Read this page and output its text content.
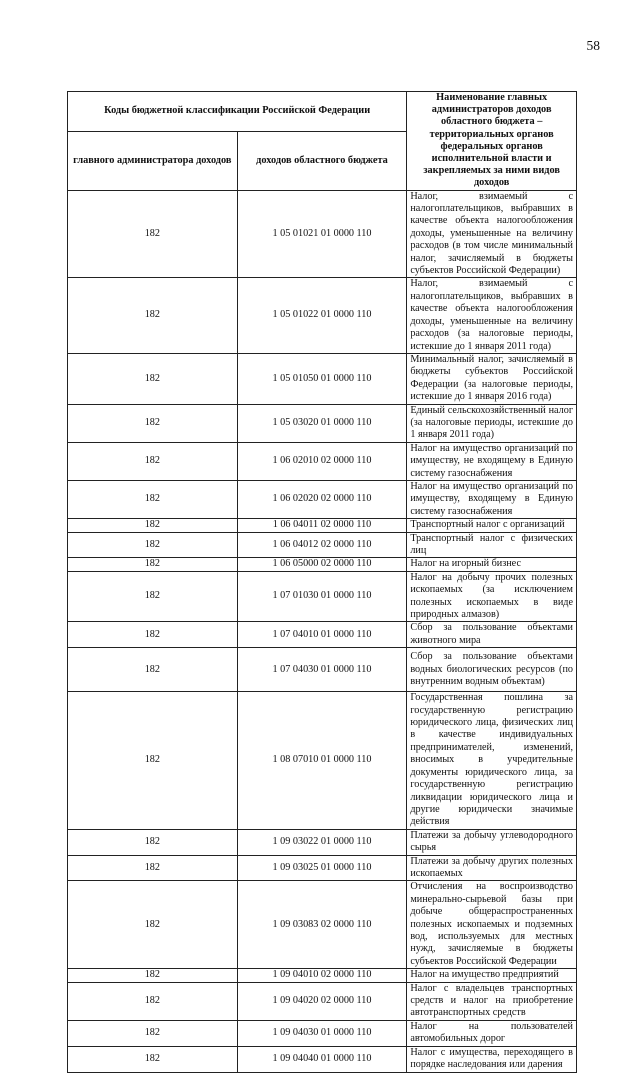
58
Коды бюджетной классификации Российской Федерации		Наименование главных администраторов доходов областного бюджета – территориальных органов федеральных органов исполнительной власти и закрепляемых за ними видов доходов
главного администратора доходов	доходов областного бюджета	
182	1 05 01021 01 0000 110	Налог, взимаемый с налогоплательщиков, выбравших в качестве объекта налогообложения доходы, уменьшенные на величину расходов (в том числе минимальный налог, зачисляемый в бюджеты субъектов Российской Федерации)
182	1 05 01022 01 0000 110	Налог, взимаемый с налогоплательщиков, выбравших в качестве объекта налогообложения доходы, уменьшенные на величину расходов (за налоговые периоды, истекшие до 1 января 2011 года)
182	1 05 01050 01 0000 110	Минимальный налог, зачисляемый в бюджеты субъектов Российской Федерации (за налоговые периоды, истекшие до 1 января 2016 года)
182	1 05 03020 01 0000 110	Единый сельскохозяйственный налог (за налоговые периоды, истекшие до 1 января 2011 года)
182	1 06 02010 02 0000 110	Налог на имущество организаций по имуществу, не входящему в Единую систему газоснабжения
182	1 06 02020 02 0000 110	Налог на имущество организаций по имуществу, входящему в Единую систему газоснабжения
182	1 06 04011 02 0000 110	Транспортный налог с организаций
182	1 06 04012 02 0000 110	Транспортный налог с физических лиц
182	1 06 05000 02 0000 110	Налог на игорный бизнес
182	1 07 01030 01 0000 110	Налог на добычу прочих полезных ископаемых (за исключением полезных ископаемых в виде природных алмазов)
182	1 07 04010 01 0000 110	Сбор за пользование объектами животного мира
182	1 07 04030 01 0000 110	Сбор за пользование объектами водных биологических ресурсов (по внутренним водным объектам)
182	1 08 07010 01 0000 110	Государственная пошлина за государственную регистрацию юридического лица, физических лиц в качестве индивидуальных предпринимателей, изменений, вносимых в учредительные документы юридического лица, за государственную регистрацию ликвидации юридического лица и другие юридически значимые действия
182	1 09 03022 01 0000 110	Платежи за добычу углеводородного сырья
182	1 09 03025 01 0000 110	Платежи за добычу других полезных ископаемых
182	1 09 03083 02 0000 110	Отчисления на воспроизводство минерально-сырьевой базы при добыче общераспространенных полезных ископаемых и подземных вод, используемых для местных нужд, зачисляемые в бюджеты субъектов Российской Федерации
182	1 09 04010 02 0000 110	Налог на имущество предприятий
182	1 09 04020 02 0000 110	Налог с владельцев транспортных средств и налог на приобретение автотранспортных средств
182	1 09 04030 01 0000 110	Налог на пользователей автомобильных дорог
182	1 09 04040 01 0000 110	Налог с имущества, переходящего в порядке наследования или дарения
